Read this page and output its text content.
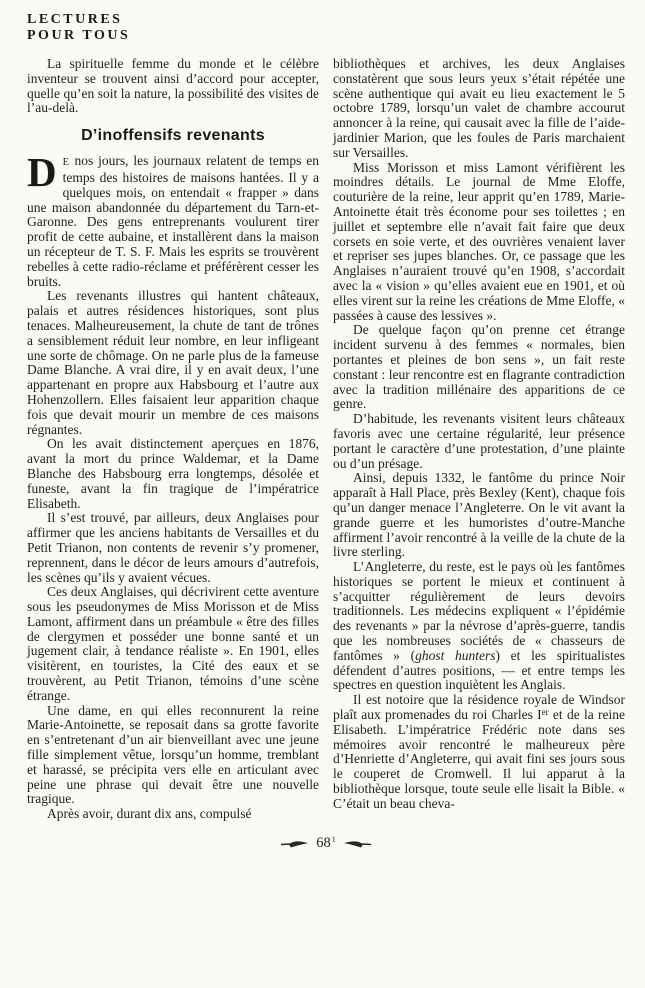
LECTURES
POUR TOUS

La spirituelle femme du monde et le célèbre inventeur se trouvent ainsi d’accord pour accepter, quelle qu’en soit la nature, la possibilité des visites de l’au-delà.

D’inoffensifs revenants

D E nos jours, les journaux relatent de temps en temps des histoires de maisons hantées. Il y a quelques mois, on entendait « frapper » dans une maison abandonnée du département du Tarn-et-Garonne. Des gens entreprenants voulurent tirer profit de cette aubaine, et installèrent dans la maison un récepteur de T. S. F. Mais les esprits se trouvèrent rebelles à cette radio-réclame et préférèrent cesser les bruits.

Les revenants illustres qui hantent châteaux, palais et autres résidences historiques, sont plus tenaces. Malheureusement, la chute de tant de trônes a sensiblement réduit leur nombre, en leur infligeant une sorte de chômage. On ne parle plus de la fameuse Dame Blanche. A vrai dire, il y en avait deux, l’une appartenant en propre aux Habsbourg et l’autre aux Hohenzollern. Elles faisaient leur apparition chaque fois que devait mourir un membre de ces maisons régnantes.

On les avait distinctement aperçues en 1876, avant la mort du prince Waldemar, et la Dame Blanche des Habsbourg erra longtemps, désolée et funeste, avant la fin tragique de l’impératrice Elisabeth.

Il s’est trouvé, par ailleurs, deux Anglaises pour affirmer que les anciens habitants de Versailles et du Petit Trianon, non contents de revenir s’y promener, reprennent, dans le décor de leurs amours d’autrefois, les scènes qu’ils y avaient vécues.

Ces deux Anglaises, qui décrivirent cette aventure sous les pseudonymes de Miss Morisson et de Miss Lamont, affirment dans un préambule « être des filles de clergymen et posséder une bonne santé et un jugement clair, à tendance réaliste ». En 1901, elles visitèrent, en touristes, la Cité des eaux et se trouvèrent, au Petit Trianon, témoins d’une scène étrange.

Une dame, en qui elles reconnurent la reine Marie-Antoinette, se reposait dans sa grotte favorite en s’entretenant d’un air bienveillant avec une jeune fille simplement vêtue, lorsqu’un homme, tremblant et harassé, se précipita vers elle en articulant avec peine une phrase qui devait être une nouvelle tragique.

Après avoir, durant dix ans, compulsé

bibliothèques et archives, les deux Anglaises constatèrent que sous leurs yeux s’était répétée une scène authentique qui avait eu lieu exactement le 5 octobre 1789, lorsqu’un valet de chambre accourut annoncer à la reine, qui causait avec la fille de l’aide-jardinier Marion, que les foules de Paris marchaient sur Versailles.

Miss Morisson et miss Lamont vérifièrent les moindres détails. Le journal de Mme Eloffe, couturière de la reine, leur apprit qu’en 1789, Marie-Antoinette était très économe pour ses toilettes ; en juillet et septembre elle n’avait fait faire que deux corsets en soie verte, et des ouvrières venaient laver et repriser ses jupes blanches. Or, ce passage que les Anglaises n’auraient trouvé qu’en 1908, s’accordait avec la « vision » qu’elles avaient eue en 1901, et où elles virent sur la reine les créations de Mme Eloffe, « passées à cause des lessives ».

De quelque façon qu’on prenne cet étrange incident survenu à des femmes « normales, bien portantes et pleines de bon sens », un fait reste constant : leur rencontre est en flagrante contradiction avec la tradition millénaire des apparitions de ce genre.

D’habitude, les revenants visitent leurs châteaux favoris avec une certaine régularité, leur présence portant le caractère d’une protestation, d’une plainte ou d’un présage.

Ainsi, depuis 1332, le fantôme du prince Noir apparaît à Hall Place, près Bexley (Kent), chaque fois qu’un danger menace l’Angleterre. On le vit avant la grande guerre et les humoristes d’outre-Manche affirment l’avoir rencontré à la veille de la chute de la livre sterling.

L’Angleterre, du reste, est le pays où les fantômes historiques se portent le mieux et continuent à s’acquitter régulièrement de leurs devoirs traditionnels. Les médecins expliquent « l’épidémie des revenants » par la névrose d’après-guerre, tandis que les nombreuses sociétés de « chasseurs de fantômes » (ghost hunters) et les spiritualistes défendent d’autres positions, — et entre temps les spectres en question inquiètent les Anglais.

Il est notoire que la résidence royale de Windsor plaît aux promenades du roi Charles Ier et de la reine Elisabeth. L’impératrice Frédéric note dans ses mémoires avoir rencontré le malheureux père d’Henriette d’Angleterre, qui avait fini ses jours sous le couperet de Cromwell. Il lui apparut à la bibliothèque lorsque, toute seule elle lisait la Bible. « C’était un beau cheva-

$68^1$
